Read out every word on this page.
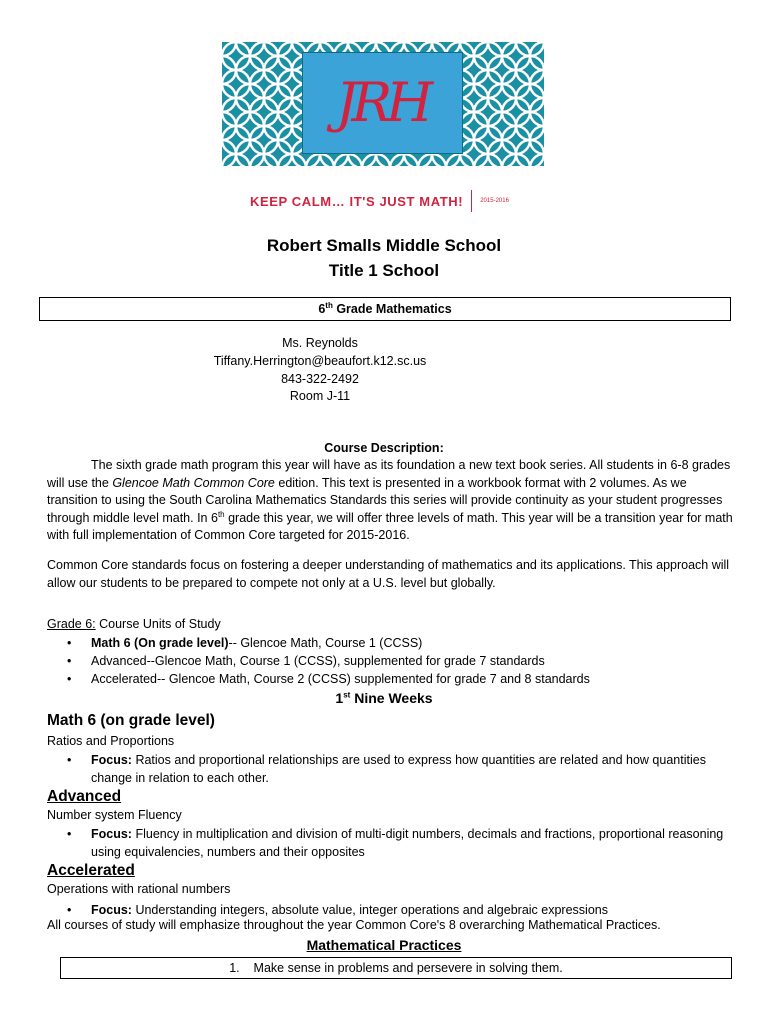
JRH
KEEP CALM… IT'S JUST MATH!	2015-2016
Robert Smalls Middle School
Title 1 School
6th Grade Mathematics
Ms. Reynolds
Tiffany.Herrington@beaufort.k12.sc.us
843-322-2492
Room J-11
Course Description:
The sixth grade math program this year will have as its foundation a new text book series. All students in 6-8 grades will use the Glencoe Math Common Core edition. This text is presented in a workbook format with 2 volumes. As we transition to using the South Carolina Mathematics Standards this series will provide continuity as your student progresses through middle level math. In 6th grade this year, we will offer three levels of math. This year will be a transition year for math with full implementation of Common Core targeted for 2015-2016.
Common Core standards focus on fostering a deeper understanding of mathematics and its applications. This approach will allow our students to be prepared to compete not only at a U.S. level but globally.
Grade 6: Course Units of Study
• Math 6 (On grade level)-- Glencoe Math, Course 1 (CCSS)
• Advanced--Glencoe Math, Course 1 (CCSS), supplemented for grade 7 standards
• Accelerated-- Glencoe Math, Course 2 (CCSS) supplemented for grade 7 and 8 standards
1st Nine Weeks
Math 6 (on grade level)
Ratios and Proportions
• Focus: Ratios and proportional relationships are used to express how quantities are related and how quantities change in relation to each other.
Advanced
Number system Fluency
• Focus: Fluency in multiplication and division of multi-digit numbers, decimals and fractions, proportional reasoning using equivalencies, numbers and their opposites
Accelerated
Operations with rational numbers
• Focus: Understanding integers, absolute value, integer operations and algebraic expressions
All courses of study will emphasize throughout the year Common Core's 8 overarching Mathematical Practices.
Mathematical Practices
1.    Make sense in problems and persevere in solving them.
